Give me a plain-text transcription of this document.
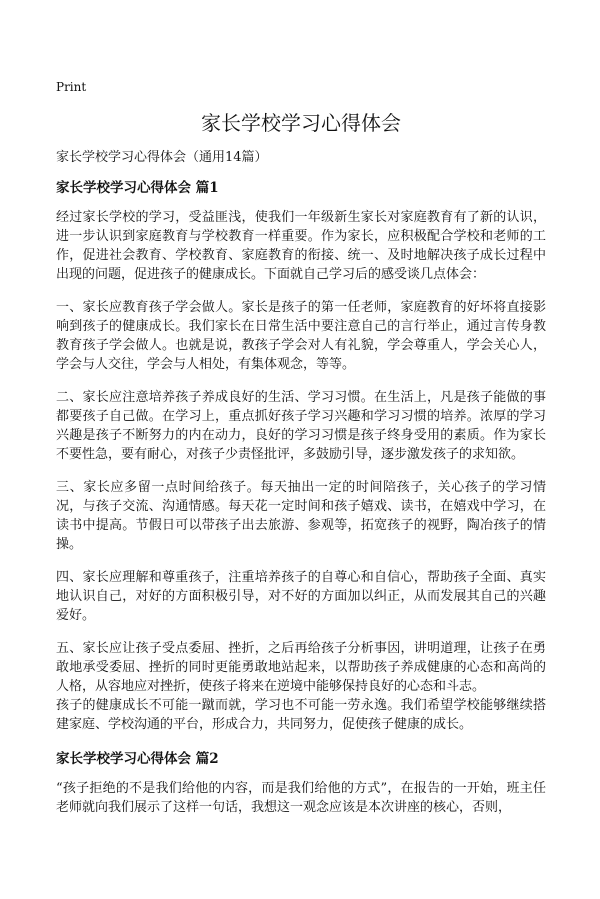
Print
家长学校学习心得体会
家长学校学习心得体会（通用14篇）
家长学校学习心得体会 篇1

经过家长学校的学习，受益匪浅，使我们一年级新生家长对家庭教育有了新的认识，进一步认识到家庭教育与学校教育一样重要。作为家长，应积极配合学校和老师的工作，促进社会教育、学校教育、家庭教育的衔接、统一、及时地解决孩子成长过程中出现的问题，促进孩子的健康成长。下面就自己学习后的感受谈几点体会：

一、家长应教育孩子学会做人。家长是孩子的第一任老师，家庭教育的好坏将直接影响到孩子的健康成长。我们家长在日常生活中要注意自己的言行举止，通过言传身教教育孩子学会做人。也就是说，教孩子学会对人有礼貌，学会尊重人，学会关心人，学会与人交往，学会与人相处，有集体观念，等等。

二、家长应注意培养孩子养成良好的生活、学习习惯。在生活上，凡是孩子能做的事都要孩子自己做。在学习上，重点抓好孩子学习兴趣和学习习惯的培养。浓厚的学习兴趣是孩子不断努力的内在动力，良好的学习习惯是孩子终身受用的素质。作为家长不要性急，要有耐心，对孩子少责怪批评，多鼓励引导，逐步激发孩子的求知欲。

三、家长应多留一点时间给孩子。每天抽出一定的时间陪孩子，关心孩子的学习情况，与孩子交流、沟通情感。每天花一定时间和孩子嬉戏、读书，在嬉戏中学习，在读书中提高。节假日可以带孩子出去旅游、参观等，拓宽孩子的视野，陶冶孩子的情操。

四、家长应理解和尊重孩子，注重培养孩子的自尊心和自信心，帮助孩子全面、真实地认识自己，对好的方面积极引导，对不好的方面加以纠正，从而发展其自己的兴趣爱好。

五、家长应让孩子受点委屈、挫折，之后再给孩子分析事因，讲明道理，让孩子在勇敢地承受委屈、挫折的同时更能勇敢地站起来，以帮助孩子养成健康的心态和高尚的人格，从容地应对挫折，使孩子将来在逆境中能够保持良好的心态和斗志。

孩子的健康成长不可能一蹴而就，学习也不可能一劳永逸。我们希望学校能够继续搭建家庭、学校沟通的平台，形成合力，共同努力，促使孩子健康的成长。

家长学校学习心得体会 篇2

“孩子拒绝的不是我们给他的内容，而是我们给他的方式”，在报告的一开始，班主任老师就向我们展示了这样一句话，我想这一观念应该是本次讲座的核心，否则，
